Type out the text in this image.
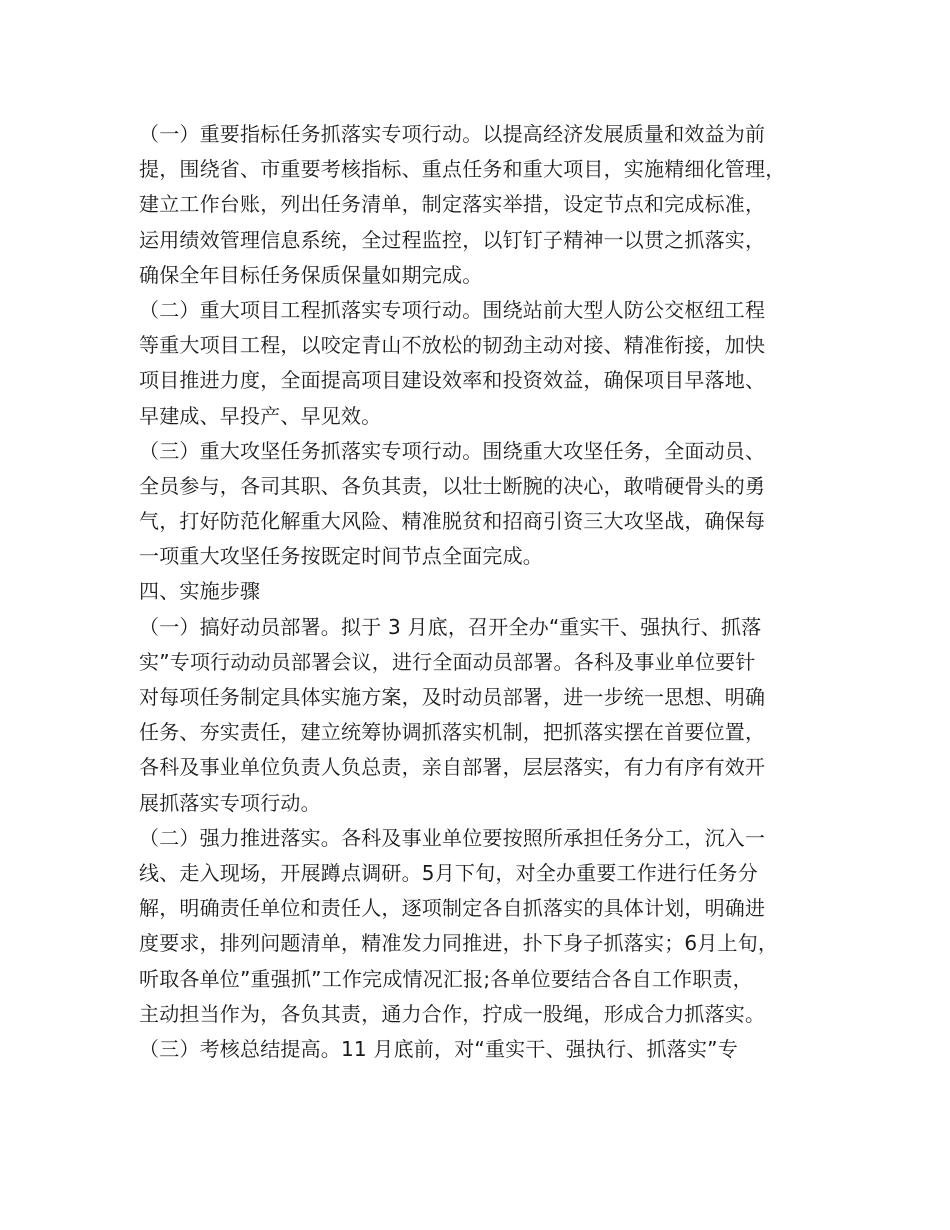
（一）重要指标任务抓落实专项行动。以提高经济发展质量和效益为前
提，围绕省、市重要考核指标、重点任务和重大项目，实施精细化管理，
建立工作台账，列出任务清单，制定落实举措，设定节点和完成标准，
运用绩效管理信息系统，全过程监控，以钉钉子精神一以贯之抓落实，
确保全年目标任务保质保量如期完成。
（二）重大项目工程抓落实专项行动。围绕站前大型人防公交枢纽工程
等重大项目工程，以咬定青山不放松的韧劲主动对接、精准衔接，加快
项目推进力度，全面提高项目建设效率和投资效益，确保项目早落地、
早建成、早投产、早见效。
（三）重大攻坚任务抓落实专项行动。围绕重大攻坚任务，全面动员、
全员参与，各司其职、各负其责，以壮士断腕的决心，敢啃硬骨头的勇
气，打好防范化解重大风险、精准脱贫和招商引资三大攻坚战，确保每
一项重大攻坚任务按既定时间节点全面完成。
四、实施步骤
（一）搞好动员部署。拟于 3 月底，召开全办“重实干、强执行、抓落
实”专项行动动员部署会议，进行全面动员部署。各科及事业单位要针
对每项任务制定具体实施方案，及时动员部署，进一步统一思想、明确
任务、夯实责任，建立统筹协调抓落实机制，把抓落实摆在首要位置，
各科及事业单位负责人负总责，亲自部署，层层落实，有力有序有效开
展抓落实专项行动。
（二）强力推进落实。各科及事业单位要按照所承担任务分工，沉入一
线、走入现场，开展蹲点调研。5月下旬，对全办重要工作进行任务分
解，明确责任单位和责任人，逐项制定各自抓落实的具体计划，明确进
度要求，排列问题清单，精准发力同推进，扑下身子抓落实；6月上旬，
听取各单位”重强抓”工作完成情况汇报;各单位要结合各自工作职责，
主动担当作为，各负其责，通力合作，拧成一股绳，形成合力抓落实。
（三）考核总结提高。11 月底前，对“重实干、强执行、抓落实”专
